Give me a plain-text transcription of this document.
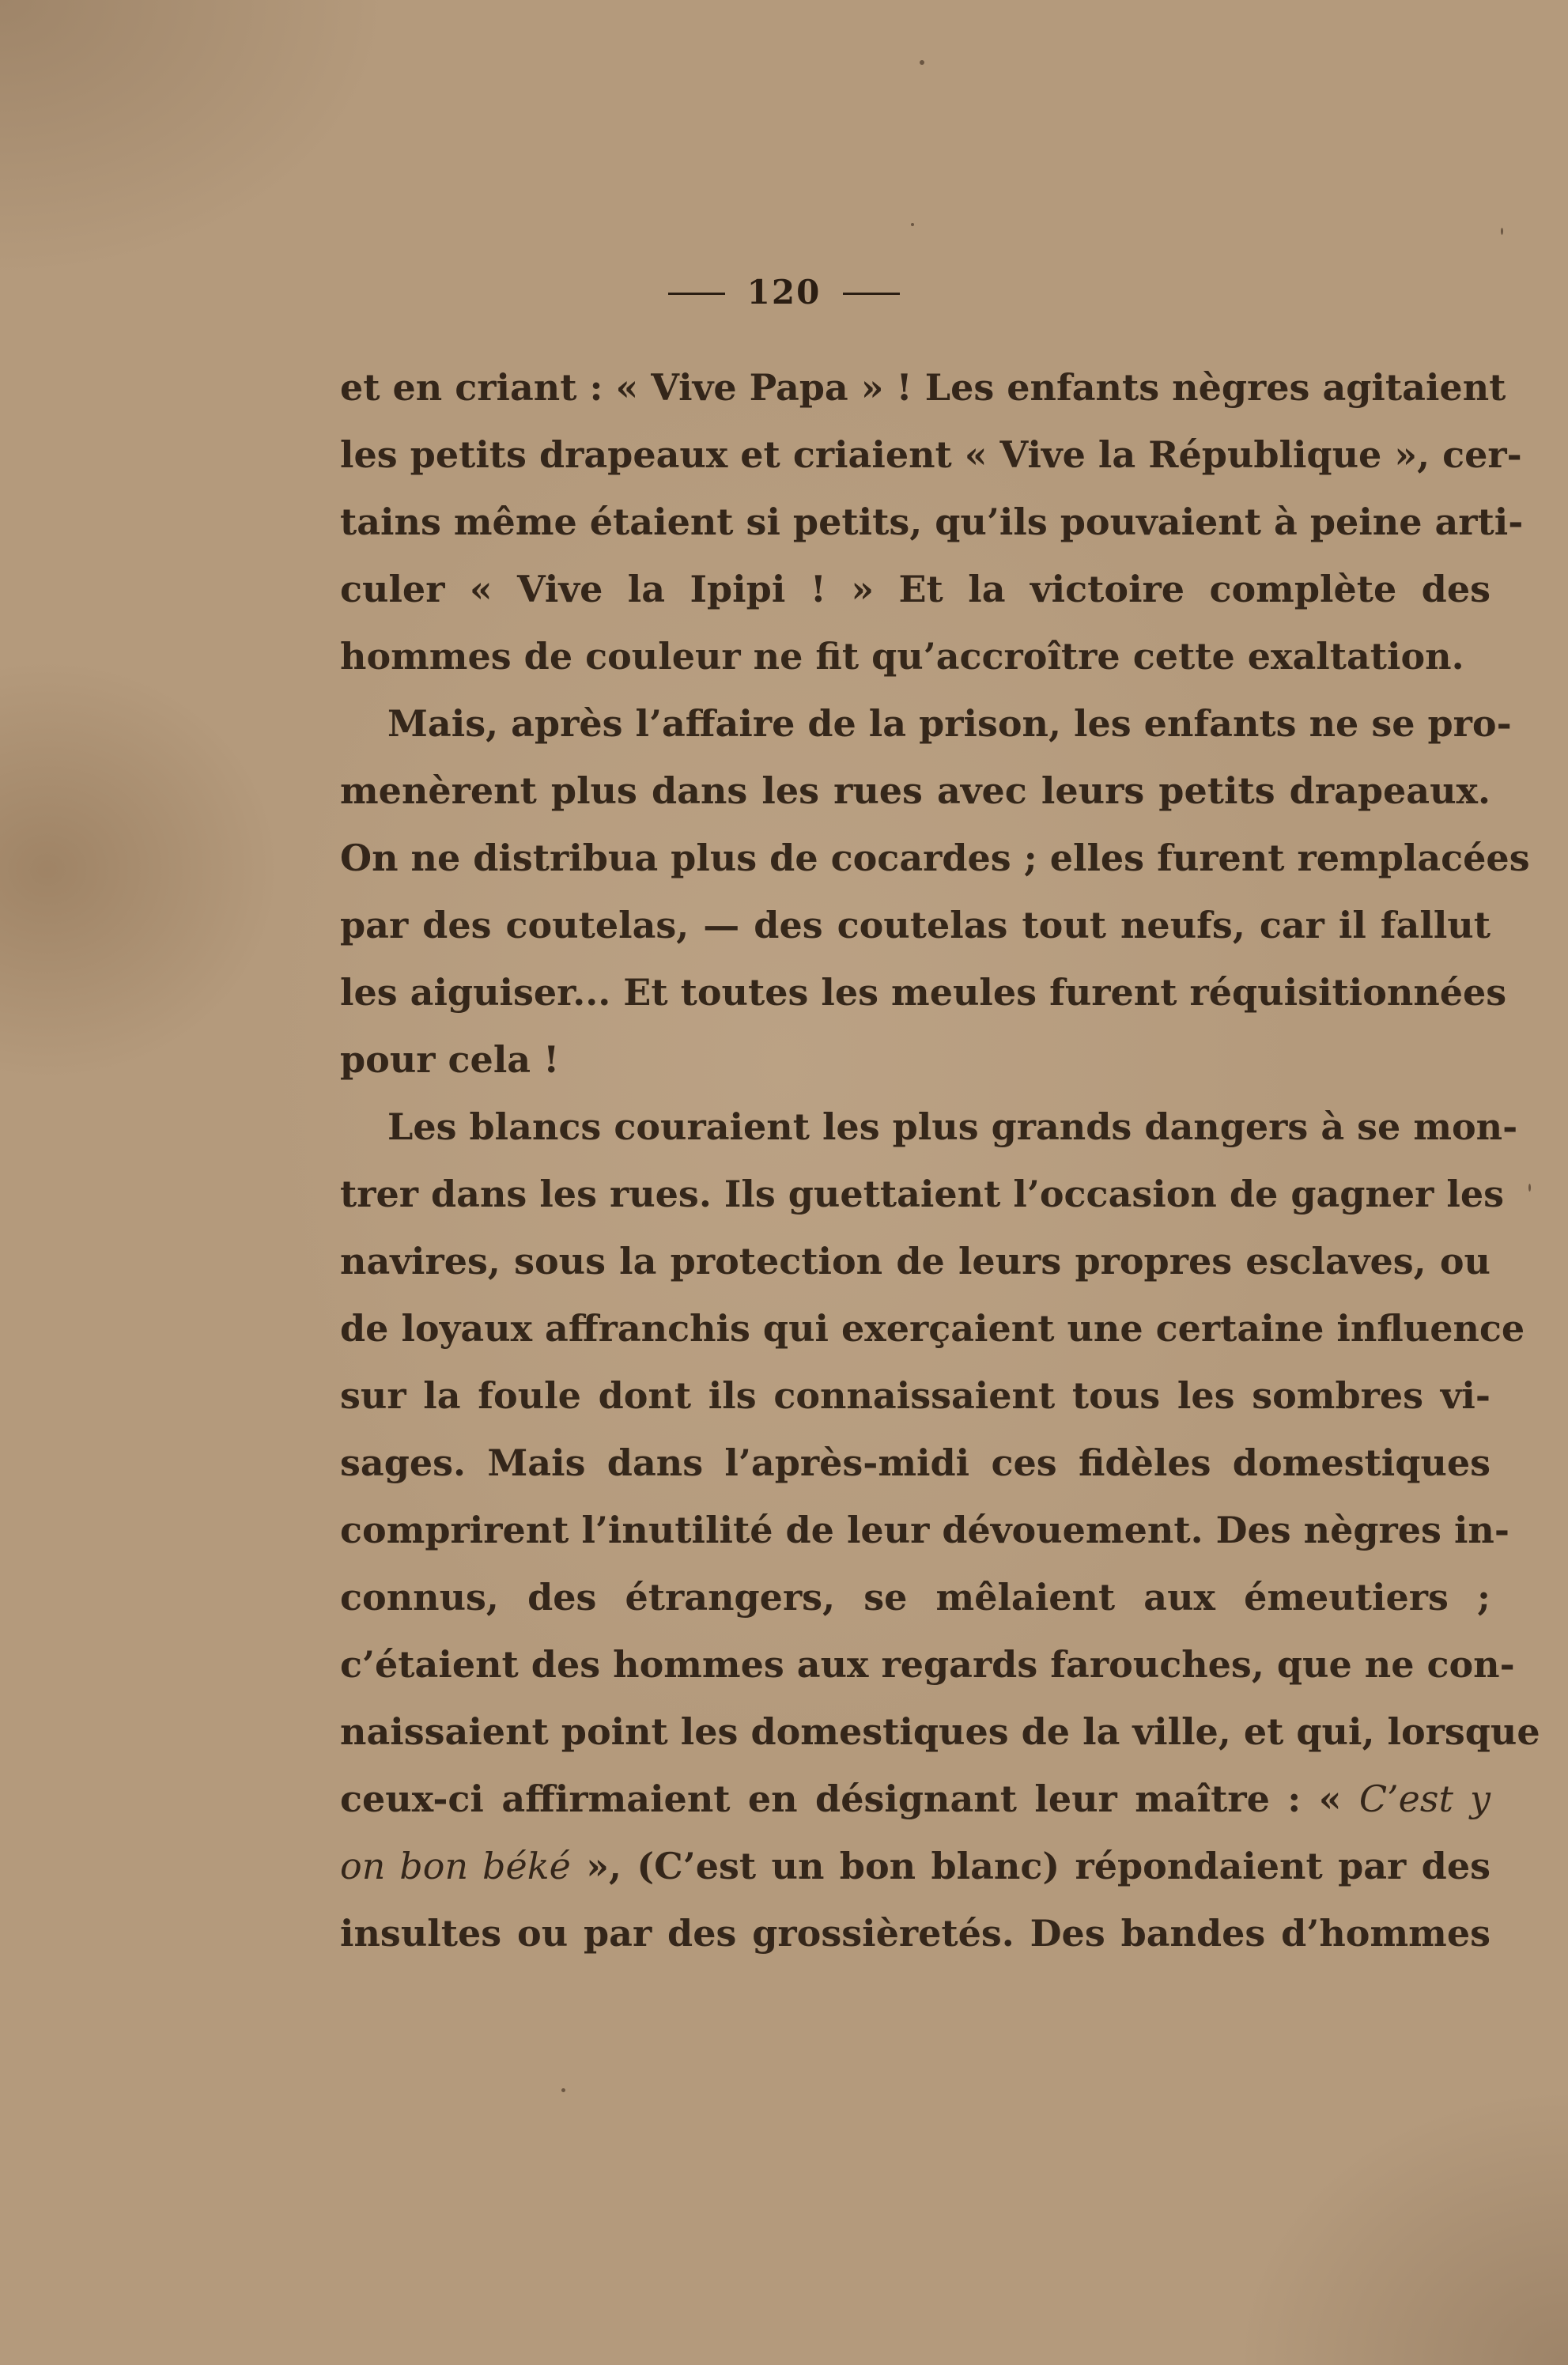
120
et en criant : « Vive Papa » ! Les enfants nègres agitaient
les petits drapeaux et criaient « Vive la République », cer-
tains même étaient si petits, qu’ils pouvaient à peine arti-
culer « Vive la Ipipi ! » Et la victoire complète des
hommes de couleur ne fit qu’accroître cette exaltation.
Mais, après l’affaire de la prison, les enfants ne se pro-
menèrent plus dans les rues avec leurs petits drapeaux.
On ne distribua plus de cocardes ; elles furent remplacées
par des coutelas, — des coutelas tout neufs, car il fallut
les aiguiser... Et toutes les meules furent réquisitionnées
pour cela !
Les blancs couraient les plus grands dangers à se mon-
trer dans les rues. Ils guettaient l’occasion de gagner les
navires, sous la protection de leurs propres esclaves, ou
de loyaux affranchis qui exerçaient une certaine influence
sur la foule dont ils connaissaient tous les sombres vi-
sages. Mais dans l’après-midi ces fidèles domestiques
comprirent l’inutilité de leur dévouement. Des nègres in-
connus, des étrangers, se mêlaient aux émeutiers ;
c’étaient des hommes aux regards farouches, que ne con-
naissaient point les domestiques de la ville, et qui, lorsque
ceux-ci affirmaient en désignant leur maître : « C’est y
on bon béké », (C’est un bon blanc) répondaient par des
insultes ou par des grossièretés. Des bandes d’hommes
